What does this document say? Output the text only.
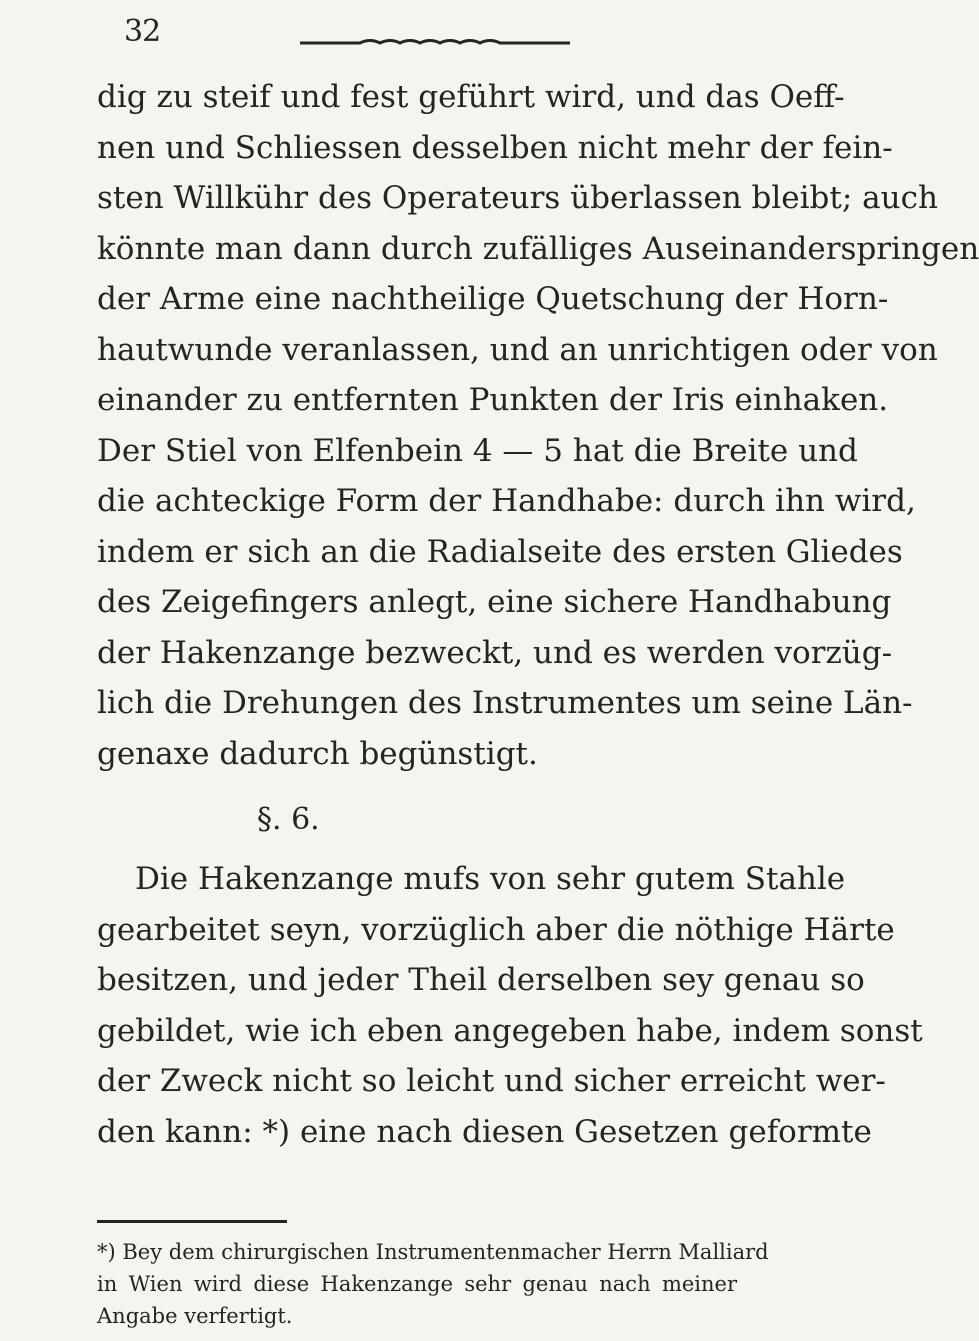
32
dig zu steif und fest geführt wird, und das Oeff-
nen und Schliessen desselben nicht mehr der fein-
sten Willkühr des Operateurs überlassen bleibt; auch
könnte man dann durch zufälliges Auseinanderspringen
der Arme eine nachtheilige Quetschung der Horn-
hautwunde veranlassen, und an unrichtigen oder von
einander zu entfernten Punkten der Iris einhaken.
Der Stiel von Elfenbein 4 — 5 hat die Breite und
die achteckige Form der Handhabe: durch ihn wird,
indem er sich an die Radialseite des ersten Gliedes
des Zeigefingers anlegt, eine sichere Handhabung
der Hakenzange bezweckt, und es werden vorzüg-
lich die Drehungen des Instrumentes um seine Län-
genaxe dadurch begünstigt.
§. 6.
Die Hakenzange mufs von sehr gutem Stahle
gearbeitet seyn, vorzüglich aber die nöthige Härte
besitzen, und jeder Theil derselben sey genau so
gebildet, wie ich eben angegeben habe, indem sonst
der Zweck nicht so leicht und sicher erreicht wer-
den kann: *) eine nach diesen Gesetzen geformte
*) Bey dem chirurgischen Instrumentenmacher Herrn Malliard
in Wien wird diese Hakenzange sehr genau nach meiner
Angabe verfertigt.
